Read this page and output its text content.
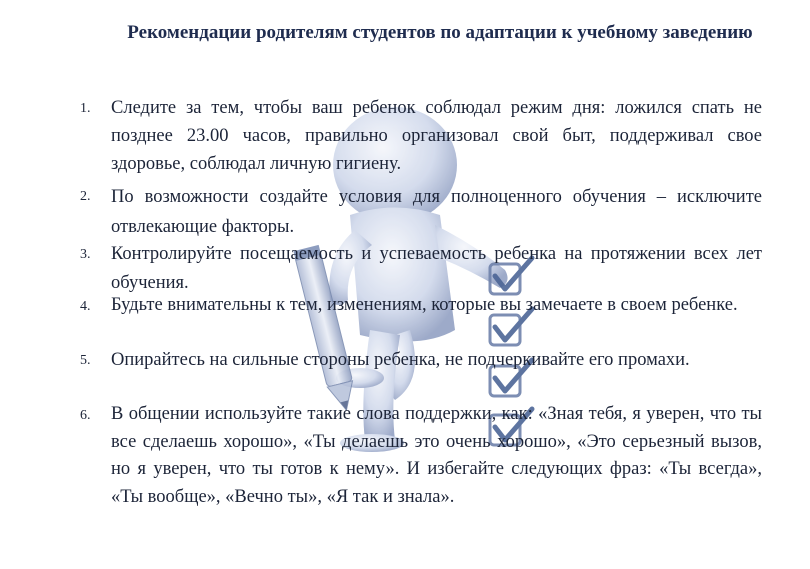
Рекомендации родителям студентов по адаптации к учебному заведению
1. Следите за тем, чтобы ваш ребенок соблюдал режим дня: ложился спать не позднее 23.00 часов, правильно организовал свой быт, поддерживал свое здоровье, соблюдал личную гигиену.
2. По возможности создайте условия для полноценного обучения – исключите отвлекающие факторы.
3. Контролируйте посещаемость и успеваемость ребенка на протяжении всех лет обучения.
4. Будьте внимательны к тем, изменениям, которые вы замечаете в своем ребенке.
5. Опирайтесь на сильные стороны ребенка, не подчеркивайте его промахи.
6. В общении используйте такие слова поддержки, как: «Зная тебя, я уверен, что ты все сделаешь хорошо», «Ты делаешь это очень хорошо», «Это серьезный вызов, но я уверен, что ты готов к нему». И избегайте следующих фраз: «Ты всегда», «Ты вообще», «Вечно ты», «Я так и знала».
